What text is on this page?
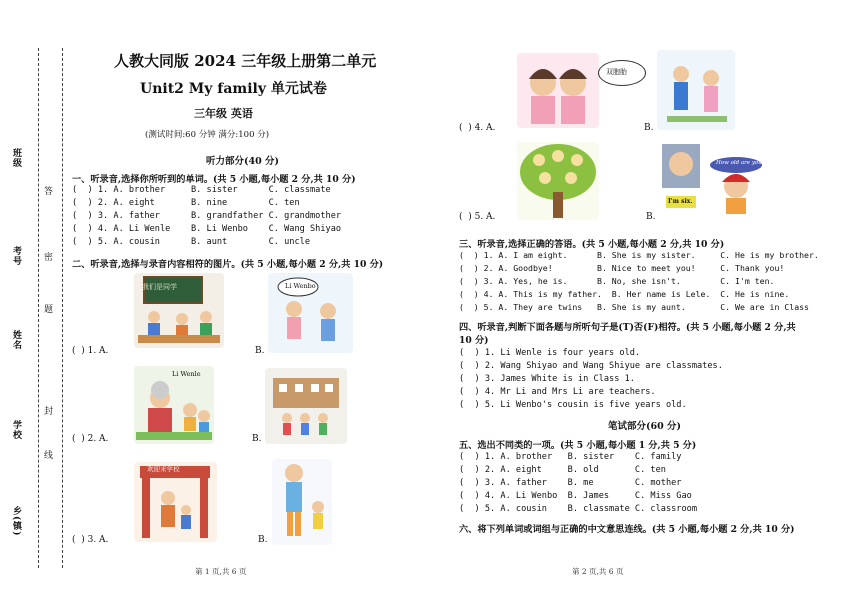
班级
考号
姓名
学校
乡(镇)
答
密
题
封
线
人教大同版 2024 三年级上册第二单元
Unit2 My family 单元试卷
三年级 英语
(测试时间:60 分钟 满分:100 分)
听力部分(40 分)
一、听录音,选择你所听到的单词。(共 5 小题,每小题 2 分,共 10 分)
(  ) 1. A. brother     B. sister      C. classmate
(  ) 2. A. eight       B. nine        C. ten
(  ) 3. A. father      B. grandfather C. grandmother
(  ) 4. A. Li Wenle    B. Li Wenbo    C. Wang Shiyao
(  ) 5. A. cousin      B. aunt        C. uncle
二、听录音,选择与录音内容相符的图片。(共 5 小题,每小题 2 分,共 10 分)
我们是同学	Li Wenbo
(  ) 1. A.	B.
Li Wenle
(  ) 2. A.	B.
欢迎来学校
(  ) 3. A.	B.
第 1 页,共 6 页
双胞胎
(  ) 4. A.	B.
How old are you?
I'm six.
(  ) 5. A.	B.
三、听录音,选择正确的答语。(共 5 小题,每小题 2 分,共 10 分)
(  ) 1. A. I am eight.      B. She is my sister.     C. He is my brother.
(  ) 2. A. Goodbye!         B. Nice to meet you!     C. Thank you!
(  ) 3. A. Yes, he is.      B. No, she isn't.        C. I'm ten.
(  ) 4. A. This is my father.  B. Her name is Lele.  C. He is nine.
(  ) 5. A. They are twins   B. She is my aunt.       C. We are in Class
四、听录音,判断下面各题与所听句子是(T)否(F)相符。(共 5 小题,每小题 2 分,共 10 分)
(  ) 1. Li Wenle is four years old.
(  ) 2. Wang Shiyao and Wang Shiyue are classmates.
(  ) 3. James White is in Class 1.
(  ) 4. Mr Li and Mrs Li are teachers.
(  ) 5. Li Wenbo's cousin is five years old.
笔试部分(60 分)
五、选出不同类的一项。(共 5 小题,每小题 1 分,共 5 分)
(  ) 1. A. brother   B. sister    C. family
(  ) 2. A. eight     B. old       C. ten
(  ) 3. A. father    B. me        C. mother
(  ) 4. A. Li Wenbo  B. James     C. Miss Gao
(  ) 5. A. cousin    B. classmate C. classroom
六、将下列单词或词组与正确的中文意思连线。(共 5 小题,每小题 2 分,共 10 分)
第 2 页,共 6 页
